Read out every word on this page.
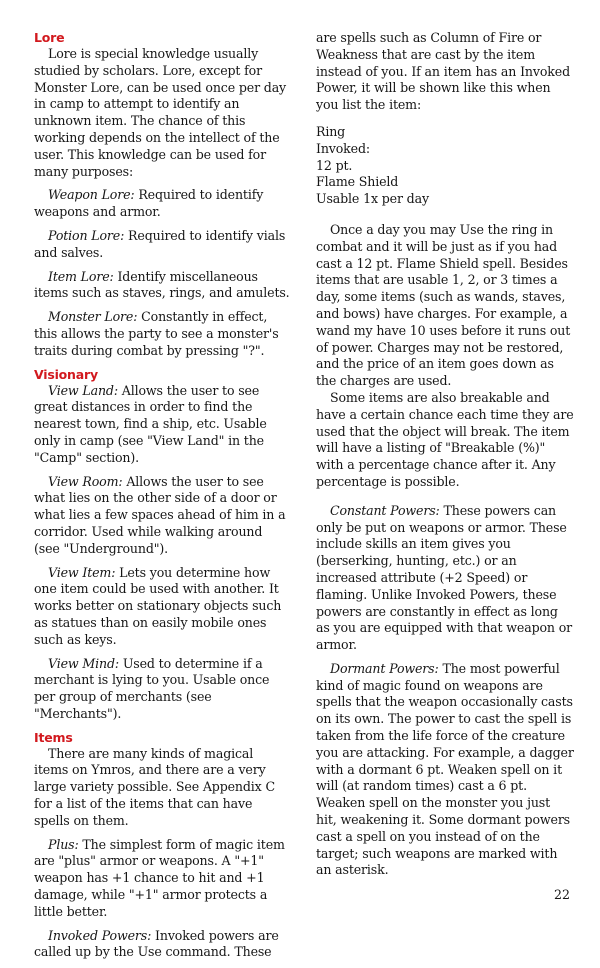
Lore

Lore is special knowledge usually studied by scholars. Lore, except for Monster Lore, can be used once per day in camp to attempt to identify an unknown item. The chance of this working depends on the intellect of the user. This knowledge can be used for many purposes:

Weapon Lore: Required to identify weapons and armor.

Potion Lore: Required to identify vials and salves.

Item Lore: Identify miscellaneous items such as staves, rings, and amulets.

Monster Lore: Constantly in effect, this allows the party to see a monster's traits during combat by pressing "?".

Visionary

View Land: Allows the user to see great distances in order to find the nearest town, find a ship, etc. Usable only in camp (see "View Land" in the "Camp" section).

View Room: Allows the user to see what lies on the other side of a door or what lies a few spaces ahead of him in a corridor. Used while walking around (see "Underground").

View Item: Lets you determine how one item could be used with another. It works better on stationary objects such as statues than on easily mobile ones such as keys.

View Mind: Used to determine if a merchant is lying to you. Usable once per group of merchants (see "Merchants").

Items

There are many kinds of magical items on Ymros, and there are a very large variety possible. See Appendix C for a list of the items that can have spells on them.

Plus: The simplest form of magic item are "plus" armor or weapons. A "+1" weapon has +1 chance to hit and +1 damage, while "+1" armor protects a little better.

Invoked Powers: Invoked powers are called up by the Use command. These

are spells such as Column of Fire or Weakness that are cast by the item instead of you. If an item has an Invoked Power, it will be shown like this when you list the item:

Ring

Invoked:

12 pt.

Flame Shield

Usable 1x per day

Once a day you may Use the ring in combat and it will be just as if you had cast a 12 pt. Flame Shield spell. Besides items that are usable 1, 2, or 3 times a day, some items (such as wands, staves, and bows) have charges. For example, a wand my have 10 uses before it runs out of power. Charges may not be restored, and the price of an item goes down as the charges are used.

Some items are also breakable and have a certain chance each time they are used that the object will break. The item will have a listing of "Breakable (%)" with a percentage chance after it. Any percentage is possible.

Constant Powers: These powers can only be put on weapons or armor. These include skills an item gives you (berserking, hunting, etc.) or an increased attribute (+2 Speed) or flaming. Unlike Invoked Powers, these powers are constantly in effect as long as you are equipped with that weapon or armor.

Dormant Powers: The most powerful kind of magic found on weapons are spells that the weapon occasionally casts on its own. The power to cast the spell is taken from the life force of the creature you are attacking. For example, a dagger with a dormant 6 pt. Weaken spell on it will (at random times) cast a 6 pt. Weaken spell on the monster you just hit, weakening it. Some dormant powers cast a spell on you instead of on the target; such weapons are marked with an asterisk.

22
